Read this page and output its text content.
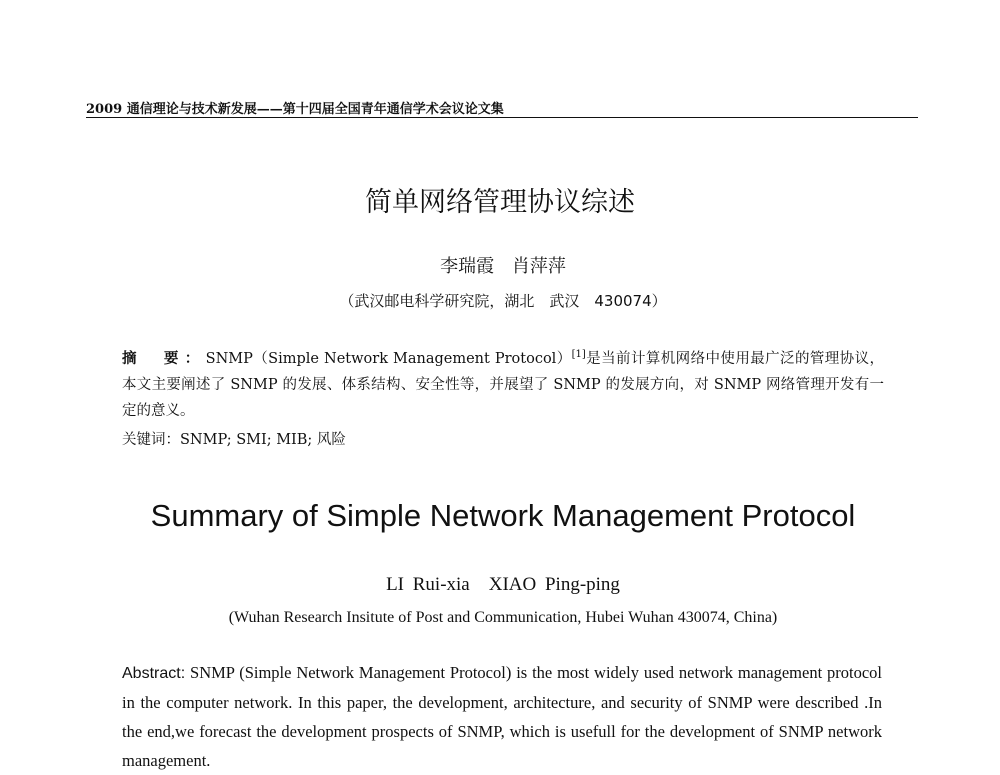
2009 通信理论与技术新发展——第十四届全国青年通信学术会议论文集
简单网络管理协议综述
李瑞霞 肖萍萍
（武汉邮电科学研究院，湖北　武汉　430074）
摘　要：SNMP（Simple Network Management Protocol）[1]是当前计算机网络中使用最广泛的管理协议，本文主要阐述了 SNMP 的发展、体系结构、安全性等，并展望了 SNMP 的发展方向，对 SNMP 网络管理开发有一定的意义。
关键词：SNMP; SMI; MIB; 风险
Summary of Simple Network Management Protocol
LI Rui-xia　XIAO Ping-ping
(Wuhan Research Insitute of Post and Communication, Hubei Wuhan 430074, China)
Abstract: SNMP (Simple Network Management Protocol) is the most widely used network management protocol in the computer network. In this paper, the development, architecture, and security of SNMP were described .In the end,we forecast the development prospects of SNMP, which is usefull for the development of SNMP network management.
